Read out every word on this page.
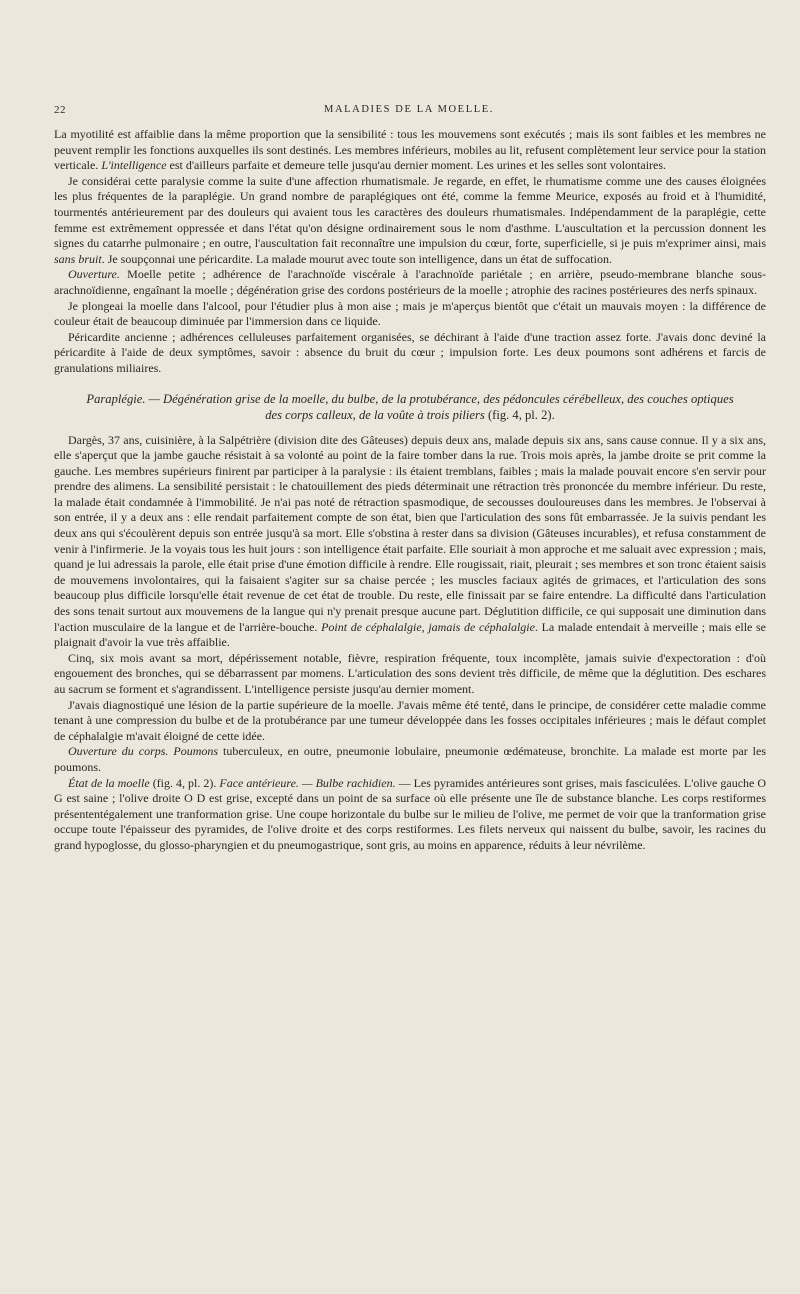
22	MALADIES DE LA MOELLE.

La myotilité est affaiblie dans la même proportion que la sensibilité : tous les mouvemens sont exécutés ; mais ils sont faibles et les membres ne peuvent remplir les fonctions auxquelles ils sont destinés. Les membres inférieurs, mobiles au lit, refusent complètement leur service pour la station verticale. L'intelligence est d'ailleurs parfaite et demeure telle jusqu'au dernier moment. Les urines et les selles sont volontaires.

Je considérai cette paralysie comme la suite d'une affection rhumatismale. Je regarde, en effet, le rhumatisme comme une des causes éloignées les plus fréquentes de la paraplégie. Un grand nombre de paraplégiques ont été, comme la femme Meurice, exposés au froid et à l'humidité, tourmentés antérieurement par des douleurs qui avaient tous les caractères des douleurs rhumatismales. Indépendamment de la paraplégie, cette femme est extrêmement oppressée et dans l'état qu'on désigne ordinairement sous le nom d'asthme. L'auscultation et la percussion donnent les signes du catarrhe pulmonaire ; en outre, l'auscultation fait reconnaître une impulsion du cœur, forte, superficielle, si je puis m'exprimer ainsi, mais sans bruit. Je soupçonnai une péricardite. La malade mourut avec toute son intelligence, dans un état de suffocation.

Ouverture. Moelle petite ; adhérence de l'arachnoïde viscérale à l'arachnoïde pariétale ; en arrière, pseudo-membrane blanche sous-arachnoïdienne, engaînant la moelle ; dégénération grise des cordons postérieurs de la moelle ; atrophie des racines postérieures des nerfs spinaux.

Je plongeai la moelle dans l'alcool, pour l'étudier plus à mon aise ; mais je m'aperçus bientôt que c'était un mauvais moyen : la différence de couleur était de beaucoup diminuée par l'immersion dans ce liquide.

Péricardite ancienne ; adhérences celluleuses parfaitement organisées, se déchirant à l'aide d'une traction assez forte. J'avais donc deviné la péricardite à l'aide de deux symptômes, savoir : absence du bruit du cœur ; impulsion forte. Les deux poumons sont adhérens et farcis de granulations miliaires.

Paraplégie. — Dégénération grise de la moelle, du bulbe, de la protubérance, des pédoncules cérébelleux, des couches optiques des corps calleux, de la voûte à trois piliers (fig. 4, pl. 2).

Dargès, 37 ans, cuisinière, à la Salpétrière (division dite des Gâteuses) depuis deux ans, malade depuis six ans, sans cause connue. Il y a six ans, elle s'aperçut que la jambe gauche résistait à sa volonté au point de la faire tomber dans la rue. Trois mois après, la jambe droite se prit comme la gauche. Les membres supérieurs finirent par participer à la paralysie : ils étaient tremblans, faibles ; mais la malade pouvait encore s'en servir pour prendre des alimens. La sensibilité persistait : le chatouillement des pieds déterminait une rétraction très prononcée du membre inférieur. Du reste, la malade était condamnée à l'immobilité. Je n'ai pas noté de rétraction spasmodique, de secousses douloureuses dans les membres. Je l'observai à son entrée, il y a deux ans : elle rendait parfaitement compte de son état, bien que l'articulation des sons fût embarrassée. Je la suivis pendant les deux ans qui s'écoulèrent depuis son entrée jusqu'à sa mort. Elle s'obstina à rester dans sa division (Gâteuses incurables), et refusa constamment de venir à l'infirmerie. Je la voyais tous les huit jours : son intelligence était parfaite. Elle souriait à mon approche et me saluait avec expression ; mais, quand je lui adressais la parole, elle était prise d'une émotion difficile à rendre. Elle rougissait, riait, pleurait ; ses membres et son tronc étaient saisis de mouvemens involontaires, qui la faisaient s'agiter sur sa chaise percée ; les muscles faciaux agités de grimaces, et l'articulation des sons beaucoup plus difficile lorsqu'elle était revenue de cet état de trouble. Du reste, elle finissait par se faire entendre. La difficulté dans l'articulation des sons tenait surtout aux mouvemens de la langue qui n'y prenait presque aucune part. Déglutition difficile, ce qui supposait une diminution dans l'action musculaire de la langue et de l'arrière-bouche. Point de céphalalgie, jamais de céphalalgie. La malade entendait à merveille ; mais elle se plaignait d'avoir la vue très affaiblie.

Cinq, six mois avant sa mort, dépérissement notable, fièvre, respiration fréquente, toux incomplète, jamais suivie d'expectoration : d'où engouement des bronches, qui se débarrassent par momens. L'articulation des sons devient très difficile, de même que la déglutition. Des eschares au sacrum se forment et s'agrandissent. L'intelligence persiste jusqu'au dernier moment.

J'avais diagnostiqué une lésion de la partie supérieure de la moelle. J'avais même été tenté, dans le principe, de considérer cette maladie comme tenant à une compression du bulbe et de la protubérance par une tumeur développée dans les fosses occipitales inférieures ; mais le défaut complet de céphalalgie m'avait éloigné de cette idée.

Ouverture du corps. Poumons tuberculeux, en outre, pneumonie lobulaire, pneumonie œdémateuse, bronchite. La malade est morte par les poumons.

État de la moelle (fig. 4, pl. 2). Face antérieure. — Bulbe rachidien. — Les pyramides antérieures sont grises, mais fasciculées. L'olive gauche O G est saine ; l'olive droite O D est grise, excepté dans un point de sa surface où elle présente une île de substance blanche. Les corps restiformes présententégalement une tranformation grise. Une coupe horizontale du bulbe sur le milieu de l'olive, me permet de voir que la tranformation grise occupe toute l'épaisseur des pyramides, de l'olive droite et des corps restiformes. Les filets nerveux qui naissent du bulbe, savoir, les racines du grand hypoglosse, du glosso-pharyngien et du pneumogastrique, sont gris, au moins en apparence, réduits à leur névrilème.
